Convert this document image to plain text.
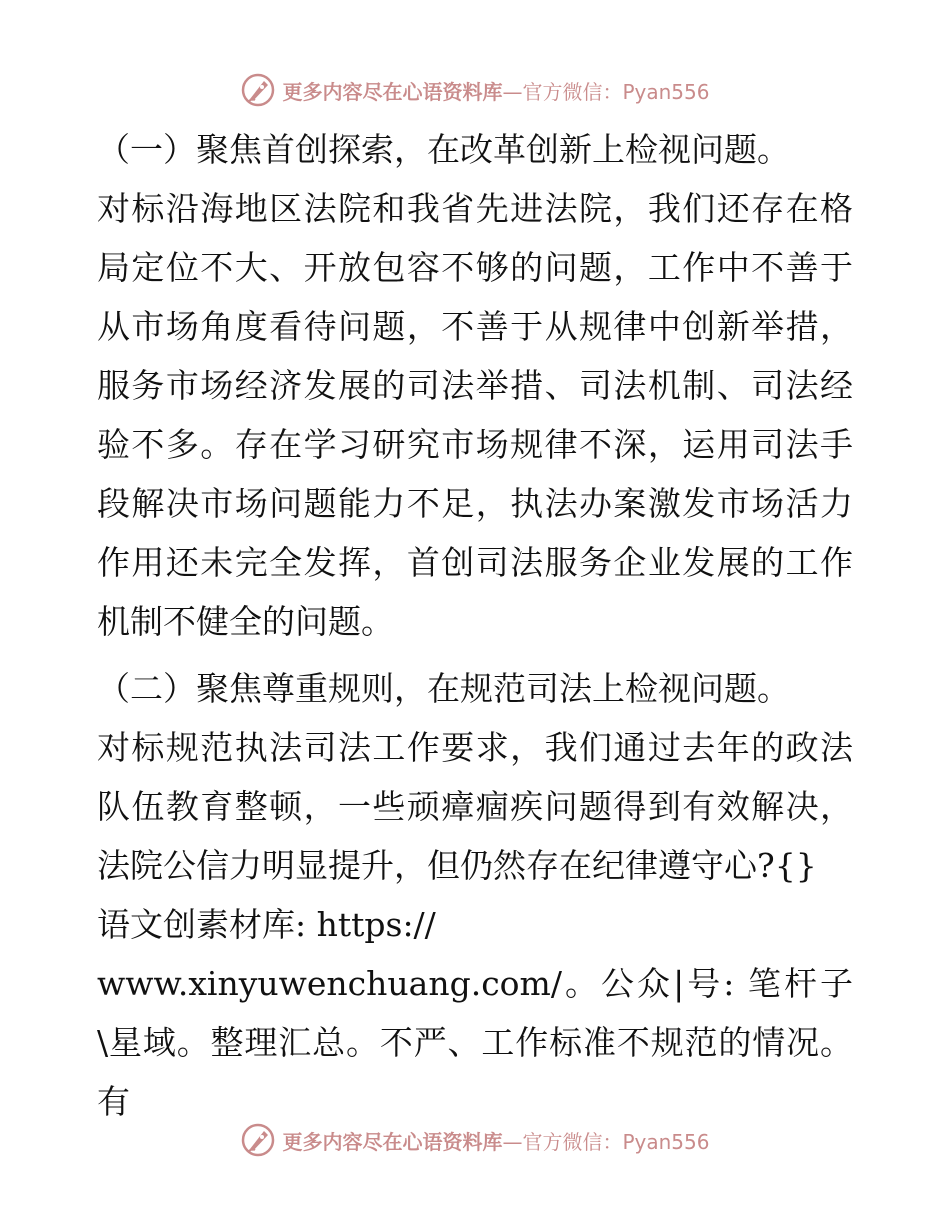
更多内容尽在心语资料库—官方微信：Pyan556

（一）聚焦首创探索，在改革创新上检视问题。
对标沿海地区法院和我省先进法院，我们还存在格局定位不大、开放包容不够的问题，工作中不善于从市场角度看待问题，不善于从规律中创新举措，服务市场经济发展的司法举措、司法机制、司法经验不多。存在学习研究市场规律不深，运用司法手段解决市场问题能力不足，执法办案激发市场活力作用还未完全发挥，首创司法服务企业发展的工作机制不健全的问题。

（二）聚焦尊重规则，在规范司法上检视问题。
对标规范执法司法工作要求，我们通过去年的政法队伍教育整顿，一些顽瘴痼疾问题得到有效解决，法院公信力明显提升，但仍然存在纪律遵守心?{}
语文创素材库: https://
www.xinyuwenchuang.com/。公众|号: 笔杆子\星域。整理汇总。不严、工作标准不规范的情况。有

更多内容尽在心语资料库—官方微信：Pyan556
